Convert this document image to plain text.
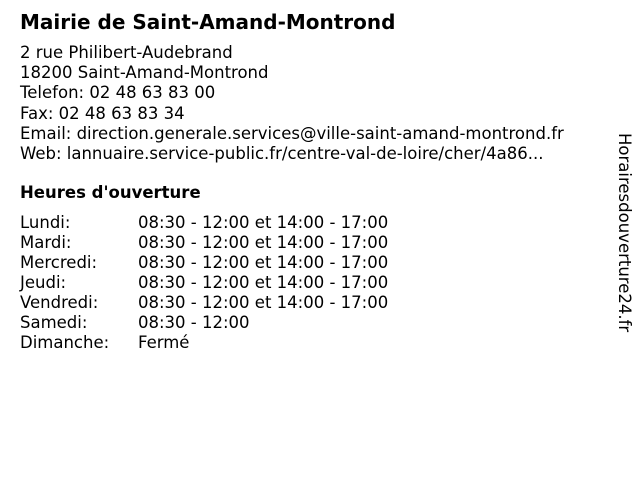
Mairie de Saint-Amand-Montrond
2 rue Philibert-Audebrand
18200 Saint-Amand-Montrond
Telefon: 02 48 63 83 00
Fax: 02 48 63 83 34
Email: direction.generale.services@ville-saint-amand-montrond.fr
Web: lannuaire.service-public.fr/centre-val-de-loire/cher/4a86...
Heures d'ouverture
Lundi:	08:30 - 12:00 et 14:00 - 17:00
Mardi:	08:30 - 12:00 et 14:00 - 17:00
Mercredi: 08:30 - 12:00 et 14:00 - 17:00
Jeudi:	08:30 - 12:00 et 14:00 - 17:00
Vendredi: 08:30 - 12:00 et 14:00 - 17:00
Samedi:	08:30 - 12:00
Dimanche: Fermé
Horairesdouverture24.fr
